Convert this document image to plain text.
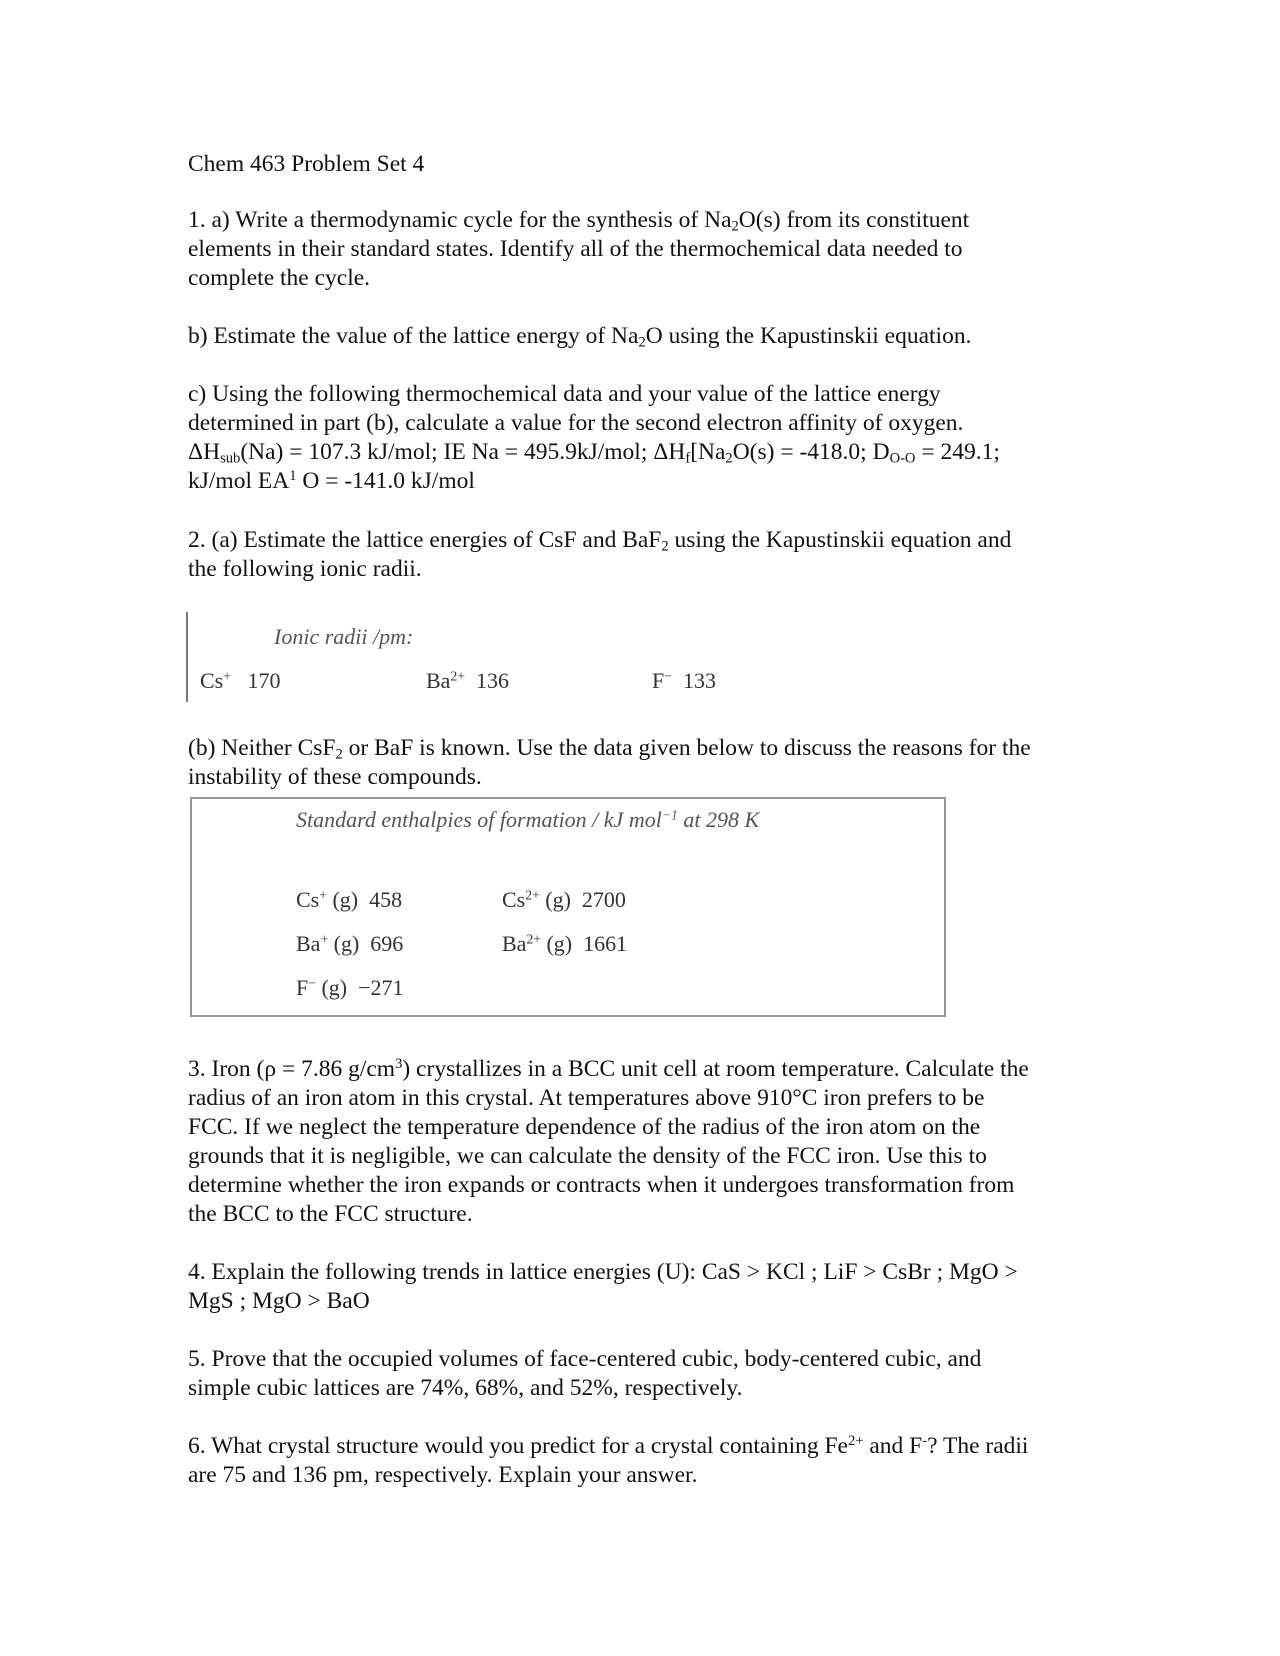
Chem 463 Problem Set 4
1. a) Write a thermodynamic cycle for the synthesis of $Na_2O(s)$ from its constituent
elements in their standard states. Identify all of the thermochemical data needed to
complete the cycle.
b) Estimate the value of the lattice energy of $Na_2O$ using the Kapustinskii equation.
c) Using the following thermochemical data and your value of the lattice energy
determined in part (b), calculate a value for the second electron affinity of oxygen.
$\Delta H_{sub}(Na) = 107.3$ kJ/mol; IE Na = 495.9kJ/mol; $\Delta H_f[Na_2O(s) = -418.0$; $D_{O-O} = 249.1$;
kJ/mol $EA^1$ O = -141.0 kJ/mol
2. (a) Estimate the lattice energies of CsF and BaF$_2$ using the Kapustinskii equation and
the following ionic radii.
Ionic radii /pm:
Cs+ 170	$Ba^{2+}$ 136	F− 133
(b) Neither CsF$_2$ or BaF is known. Use the data given below to discuss the reasons for the
instability of these compounds.
Standard enthalpies of formation / kJ mol$^{-1}$ at 298 K
Cs+ (g) 458	$Cs^{2+}$ (g) 2700
Ba+ (g) 696	$Ba^{2+}$ (g) 1661
F− (g) −271
3. Iron (ρ = 7.86 $g/cm^3$) crystallizes in a BCC unit cell at room temperature. Calculate the
radius of an iron atom in this crystal. At temperatures above 910°C iron prefers to be
FCC. If we neglect the temperature dependence of the radius of the iron atom on the
grounds that it is negligible, we can calculate the density of the FCC iron. Use this to
determine whether the iron expands or contracts when it undergoes transformation from
the BCC to the FCC structure.
4. Explain the following trends in lattice energies (U): CaS > KCl ; LiF > CsBr ; MgO >
MgS ; MgO > BaO
5. Prove that the occupied volumes of face-centered cubic, body-centered cubic, and
simple cubic lattices are 74%, 68%, and 52%, respectively.
6. What crystal structure would you predict for a crystal containing $Fe^{2+}$ and F-? The radii
are 75 and 136 pm, respectively. Explain your answer.
